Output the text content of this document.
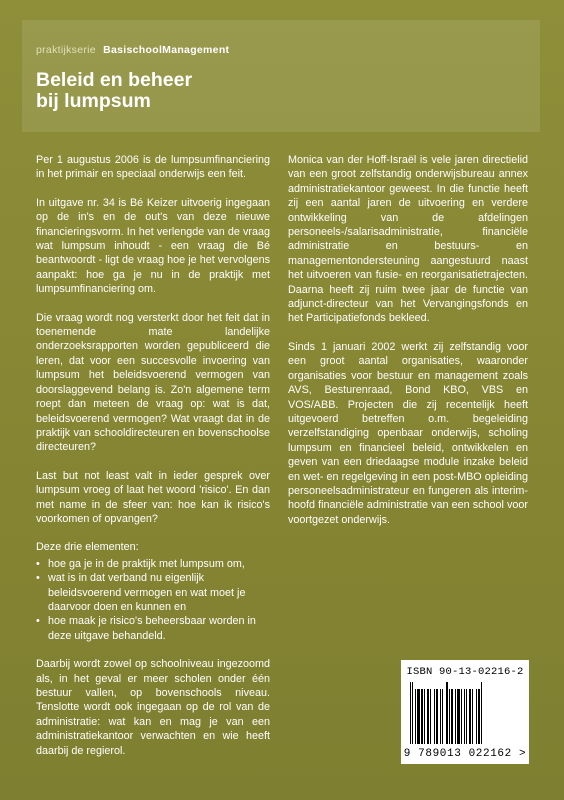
praktijkserie BasischoolManagement
Beleid en beheer
bij lumpsum

Per 1 augustus 2006 is de lumpsumfinanciering in het primair en speciaal onderwijs een feit.

In uitgave nr. 34 is Bé Keizer uitvoerig ingegaan op de in's en de out's van deze nieuwe financieringsvorm. In het verlengde van de vraag wat lumpsum inhoudt - een vraag die Bé beantwoordt - ligt de vraag hoe je het vervolgens aanpakt: hoe ga je nu in de praktijk met lumpsumfinanciering om.

Die vraag wordt nog versterkt door het feit dat in toenemende mate landelijke onderzoeksrapporten worden gepubliceerd die leren, dat voor een succesvolle invoering van lumpsum het beleidsvoerend vermogen van doorslaggevend belang is. Zo'n algemene term roept dan meteen de vraag op: wat is dat, beleidsvoerend vermogen? Wat vraagt dat in de praktijk van schooldirecteuren en bovenschoolse directeuren?

Last but not least valt in ieder gesprek over lumpsum vroeg of laat het woord 'risico'. En dan met name in de sfeer van: hoe kan ik risico's voorkomen of opvangen?

Deze drie elementen:

• hoe ga je in de praktijk met lumpsum om,
• wat is in dat verband nu eigenlijk beleidsvoerend vermogen en wat moet je daarvoor doen en kunnen en
• hoe maak je risico's beheersbaar worden in deze uitgave behandeld.

Daarbij wordt zowel op schoolniveau ingezoomd als, in het geval er meer scholen onder één bestuur vallen, op bovenschools niveau. Tenslotte wordt ook ingegaan op de rol van de administratie: wat kan en mag je van een administratiekantoor verwachten en wie heeft daarbij de regierol.

Monica van der Hoff-Israël is vele jaren directielid van een groot zelfstandig onderwijsbureau annex administratiekantoor geweest. In die functie heeft zij een aantal jaren de uitvoering en verdere ontwikkeling van de afdelingen personeels-/salarisadministratie, financiële administratie en bestuurs- en managementondersteuning aangestuurd naast het uitvoeren van fusie- en reorganisatietrajecten. Daarna heeft zij ruim twee jaar de functie van adjunct-directeur van het Vervangingsfonds en het Participatiefonds bekleed.

Sinds 1 januari 2002 werkt zij zelfstandig voor een groot aantal organisaties, waaronder organisaties voor bestuur en management zoals AVS, Besturenraad, Bond KBO, VBS en VOS/ABB. Projecten die zij recentelijk heeft uitgevoerd betreffen o.m. begeleiding verzelfstandiging openbaar onderwijs, scholing lumpsum en financieel beleid, ontwikkelen en geven van een driedaagse module inzake beleid en wet- en regelgeving in een post-MBO opleiding personeelsadministrateur en fungeren als interim-hoofd financiële administratie van een school voor voortgezet onderwijs.

ISBN 90-13-02216-2
9 789013 022162 >
